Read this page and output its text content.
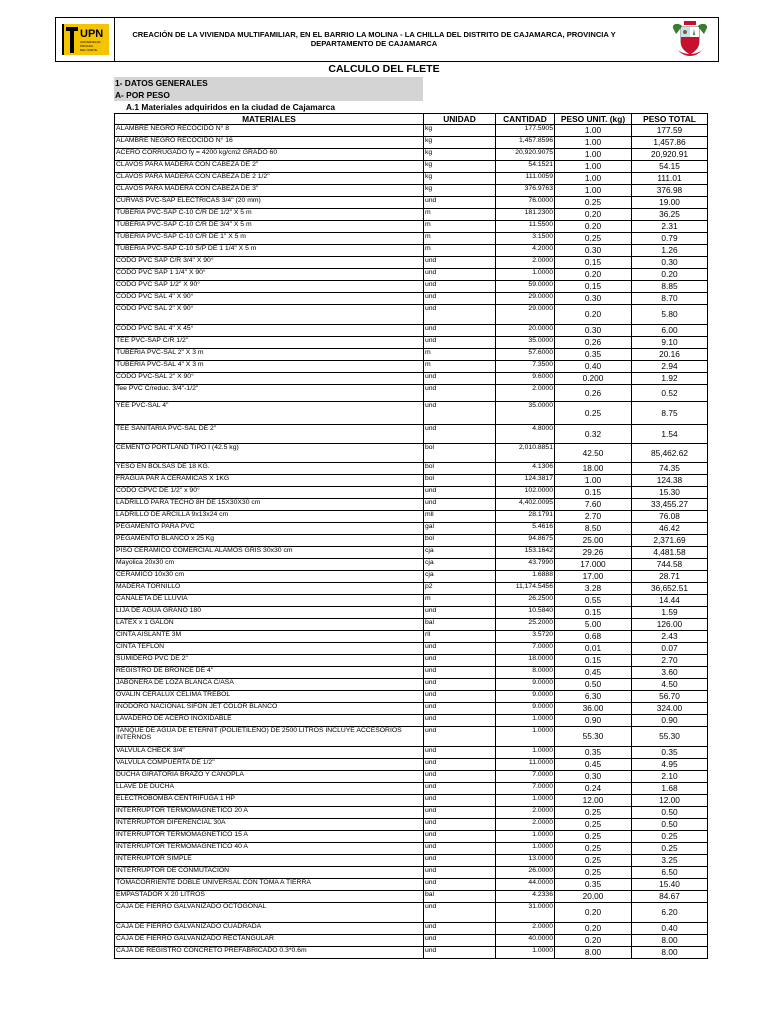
UPN
UNIVERSIDAD
PRIVADA
DEL NORTE
CREACIÓN DE LA VIVIENDA MULTIFAMILIAR, EN EL BARRIO LA MOLINA - LA CHILLA DEL DISTRITO DE CAJAMARCA, PROVINCIA Y DEPARTAMENTO DE CAJAMARCA
CALCULO DEL FLETE
1- DATOS GENERALES
A- POR PESO
A.1 Materiales adquiridos en la ciudad de Cajamarca
MATERIALES	UNIDAD	CANTIDAD	PESO UNIT. (kg)	PESO TOTAL
ALAMBRE NEGRO RECOCIDO N° 8	kg	177.5905	1.00	177.59
ALAMBRE NEGRO RECOCIDO N° 16	kg	1,457.8596	1.00	1,457.86
ACERO CORRUGADO fy = 4200 kg/cm2 GRADO 60	kg	20,920.9075	1.00	20,920.91
CLAVOS PARA MADERA CON CABEZA DE 2"	kg	54.1521	1.00	54.15
CLAVOS PARA MADERA CON CABEZA DE 2 1/2"	kg	111.0059	1.00	111.01
CLAVOS PARA MADERA CON CABEZA DE 3"	kg	376.9763	1.00	376.98
CURVAS PVC-SAP ELECTRICAS 3/4" (20 mm)	und	76.0000	0.25	19.00
TUBERIA PVC-SAP C-10 C/R DE 1/2" X 5 m	m	181.2300	0.20	36.25
TUBERIA PVC-SAP C-10 C/R DE 3/4" X 5 m	m	11.5500	0.20	2.31
TUBERIA PVC-SAP C-10 C/R DE 1" X 5 m	m	3.1500	0.25	0.79
TUBERIA PVC-SAP C-10 S/P DE 1 1/4" X 5 m	m	4.2000	0.30	1.26
CODO PVC SAP C/R 3/4" X 90°	und	2.0000	0.15	0.30
CODO PVC SAP 1 1/4" X 90°	und	1.0000	0.20	0.20
CODO PVC SAP 1/2" X 90°	und	59.0000	0.15	8.85
CODO PVC SAL 4" X 90°	und	29.0000	0.30	8.70
CODO PVC SAL 2" X 90°	und	29.0000	0.20	5.80
CODO PVC SAL 4" X 45°	und	20.0000	0.30	6.00
TEE PVC-SAP C/R 1/2"	und	35.0000	0.26	9.10
TUBERIA PVC-SAL 2" X 3 m	m	57.6000	0.35	20.16
TUBERIA PVC-SAL 4" X 3 m	m	7.3500	0.40	2.94
CODO PVC-SAL 2" X 90°	und	9.6000	0.200	1.92
Tee PVC C/reduc. 3/4"-1/2"	und	2.0000	0.26	0.52
YEE PVC-SAL 4"	und	35.0000	0.25	8.75
TEE SANITARIA PVC-SAL DE 2"	und	4.8000	0.32	1.54
CEMENTO PORTLAND TIPO I (42.5 kg)	bol	2,010.8851	42.50	85,462.62
YESO EN BOLSAS DE 18 KG.	bol	4.1306	18.00	74.35
FRAGUA PAR A CERAMICAS X 1KG	bol	124.3817	1.00	124.38
CODO CPVC DE 1/2" x 90°	und	102.0000	0.15	15.30
LADRILLO PARA TECHO 8H DE 15X30X30 cm	und	4,402.0095	7.60	33,455.27
LADRILLO DE ARCILLA 9x13x24 cm	mll	28.1791	2.70	76.08
PEGAMENTO PARA PVC	gal	5.4616	8.50	46.42
PEGAMENTO BLANCO x 25 Kg	bol	94.8675	25.00	2,371.69
PISO CERAMICO COMERCIAL ALAMOS GRIS 30x30 cm	cja	153.1642	29.26	4,481.58
Mayolica 20x30 cm	cja	43.7990	17.000	744.58
CERAMICO 10x30 cm	cja	1.6888	17.00	28.71
MADERA TORNILLO	p2	11,174.5456	3.28	36,652.51
CANALETA DE LLUVIA	m	26.2500	0.55	14.44
LIJA DE AGUA GRANO 180	und	10.5840	0.15	1.59
LATEX x 1 GALON	bal	25.2000	5.00	126.00
CINTA AISLANTE 3M	rll	3.5720	0.68	2.43
CINTA TEFLON	und	7.0000	0.01	0.07
SUMIDERO PVC DE 2"	und	18.0000	0.15	2.70
REGISTRO DE BRONCE DE 4"	und	8.0000	0.45	3.60
JABONERA DE LOZA BLANCA C/ASA	und	9.0000	0.50	4.50
OVALIN CERALUX CELIMA TREBOL	und	9.0000	6.30	56.70
INODORO NACIONAL SIFON JET COLOR BLANCO	und	9.0000	36.00	324.00
LAVADERO DE ACERO INOXIDABLE	und	1.0000	0.90	0.90
TANQUE DE AGUA DE ETERNIT (POLIETILENO) DE 2500 LITROS INCLUYE ACCESORIOS INTERNOS	und	1.0000	55.30	55.30
VALVULA CHECK 3/4"	und	1.0000	0.35	0.35
VALVULA COMPUERTA DE 1/2"	und	11.0000	0.45	4.95
DUCHA GIRATORIA BRAZO Y CANOPLA	und	7.0000	0.30	2.10
LLAVE DE DUCHA	und	7.0000	0.24	1.68
ELECTROBOMBA CENTRIFUGA 1 HP	und	1.0000	12.00	12.00
INTERRUPTOR TERMOMAGNETICO 20 A	und	2.0000	0.25	0.50
INTERRUPTOR DIFERENCIAL 30A	und	2.0000	0.25	0.50
INTERRUPTOR TERMOMAGNETICO 15 A	und	1.0000	0.25	0.25
INTERRUPTOR TERMOMAGNETICO 40 A	und	1.0000	0.25	0.25
INTERRUPTOR SIMPLE	und	13.0000	0.25	3.25
INTERRUPTOR DE CONMUTACION	und	26.0000	0.25	6.50
TOMACORRIENTE DOBLE UNIVERSAL CON TOMA A TIERRA	und	44.0000	0.35	15.40
EMPASTADOR X 20 LITROS	bal	4.2336	20.00	84.67
CAJA DE FIERRO GALVANIZADO OCTOGONAL	und	31.0000	0.20	6.20
CAJA DE FIERRO GALVANIZADO CUADRADA	und	2.0000	0.20	0.40
CAJA DE FIERRO GALVANIZADO RECTANGULAR	und	40.0000	0.20	8.00
CAJA DE REGISTRO CONCRETO PREFABRICADO 0.3*0.6m	und	1.0000	8.00	8.00
